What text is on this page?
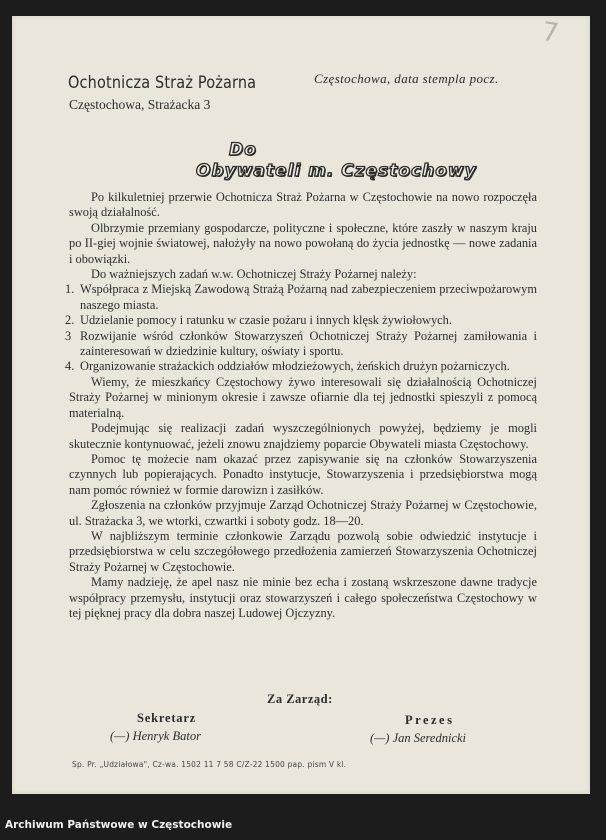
7
Ochotnicza Straż Pożarna
Częstochowa, Strażacka 3
Częstochowa, data stempla pocz.
Do
Obywateli m. Częstochowy

Po kilkuletniej przerwie Ochotnicza Straż Pożarna w Częstochowie na nowo rozpoczęła swoją działalność.

Olbrzymie przemiany gospodarcze, polityczne i społeczne, które zaszły w naszym kraju po II-giej wojnie światowej, nałożyły na nowo powołaną do życia jednostkę — nowe zadania i obowiązki.

Do ważniejszych zadań w.w. Ochotniczej Straży Pożarnej należy:

1. Współpraca z Miejską Zawodową Strażą Pożarną nad zabezpieczeniem przeciwpożarowym naszego miasta.
2. Udzielanie pomocy i ratunku w czasie pożaru i innych klęsk żywiołowych.
3 Rozwijanie wśród członków Stowarzyszeń Ochotniczej Straży Pożarnej zamiłowania i zainteresowań w dziedzinie kultury, oświaty i sportu.
4. Organizowanie strażackich oddziałów młodzieżowych, żeńskich drużyn pożarniczych.

Wiemy, że mieszkańcy Częstochowy żywo interesowali się działalnością Ochotniczej Straży Pożarnej w minionym okresie i zawsze ofiarnie dla tej jednostki spieszyli z pomocą materialną.

Podejmując się realizacji zadań wyszczególnionych powyżej, będziemy je mogli skutecznie kontynuować, jeżeli znowu znajdziemy poparcie Obywateli miasta Częstochowy.

Pomoc tę możecie nam okazać przez zapisywanie się na członków Stowarzyszenia czynnych lub popierających. Ponadto instytucje, Stowarzyszenia i przedsiębiorstwa mogą nam pomóc również w formie darowizn i zasiłków.

Zgłoszenia na członków przyjmuje Zarząd Ochotniczej Straży Pożarnej w Częstochowie, ul. Strażacka 3, we wtorki, czwartki i soboty godz. 18—20.

W najbliższym terminie członkowie Zarządu pozwolą sobie odwiedzić instytucje i przedsiębiorstwa w celu szczegółowego przedłożenia zamierzeń Stowarzyszenia Ochotniczej Straży Pożarnej w Częstochowie.

Mamy nadzieję, że apel nasz nie minie bez echa i zostaną wskrzeszone dawne tradycje współpracy przemysłu, instytucji oraz stowarzyszeń i całego społeczeństwa Częstochowy w tej pięknej pracy dla dobra naszej Ludowej Ojczyzny.

Za Zarząd:
Sekretarz	Prezes
(—) Henryk Bator	(—) Jan Serednicki
Sp. Pr. „Udziałowa", Cz-wa. 1502 11 7 58 C/Z-22 1500 pap. pism V kl.
Archiwum Państwowe w Częstochowie
